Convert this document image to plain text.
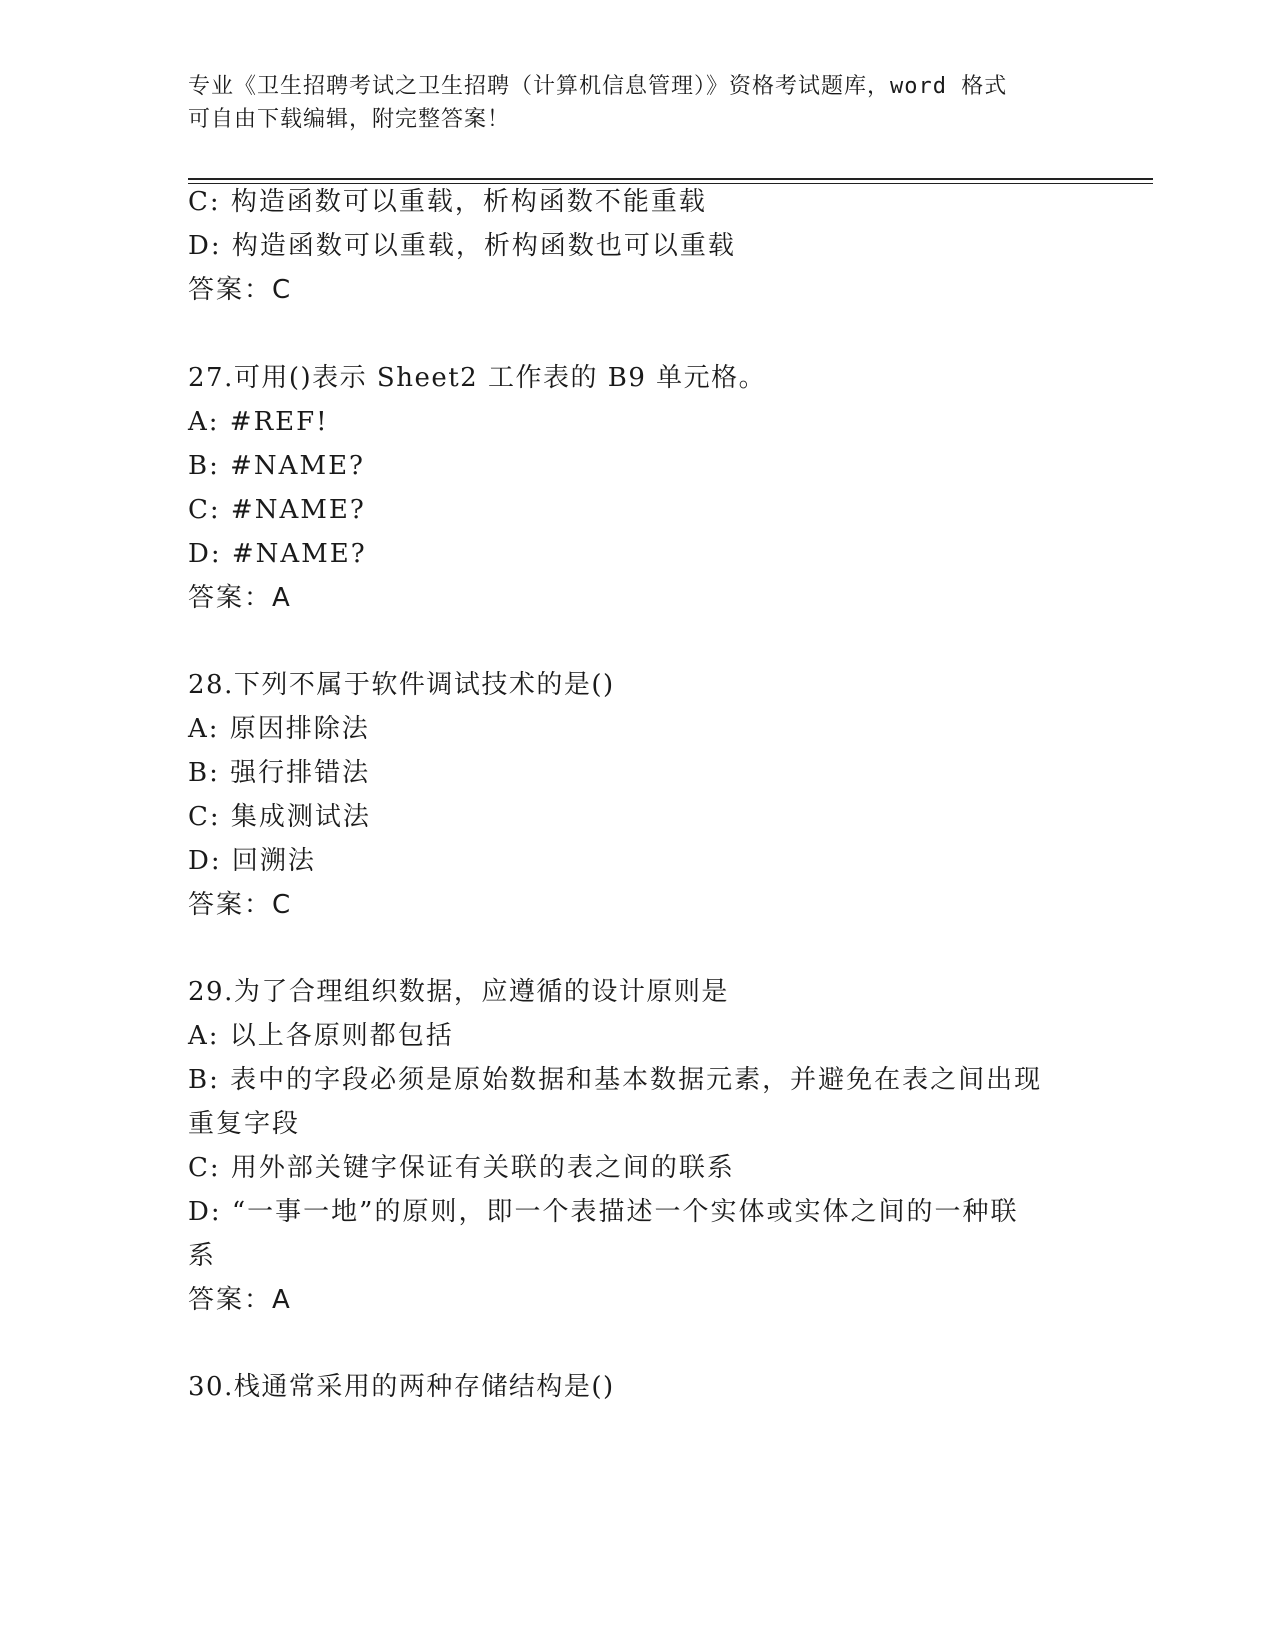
专业《卫生招聘考试之卫生招聘（计算机信息管理）》资格考试题库，word 格式
可自由下载编辑，附完整答案！
C: 构造函数可以重载，析构函数不能重载
D: 构造函数可以重载，析构函数也可以重载
答案：C
27.可用()表示 Sheet2 工作表的 B9 单元格。
A: #REF!
B: #NAME?
C: #NAME?
D: #NAME?
答案：A
28.下列不属于软件调试技术的是()
A: 原因排除法
B: 强行排错法
C: 集成测试法
D: 回溯法
答案：C
29.为了合理组织数据，应遵循的设计原则是
A: 以上各原则都包括
B: 表中的字段必须是原始数据和基本数据元素，并避免在表之间出现
重复字段
C: 用外部关键字保证有关联的表之间的联系
D: “一事一地”的原则，即一个表描述一个实体或实体之间的一种联
系
答案：A
30.栈通常采用的两种存储结构是()
